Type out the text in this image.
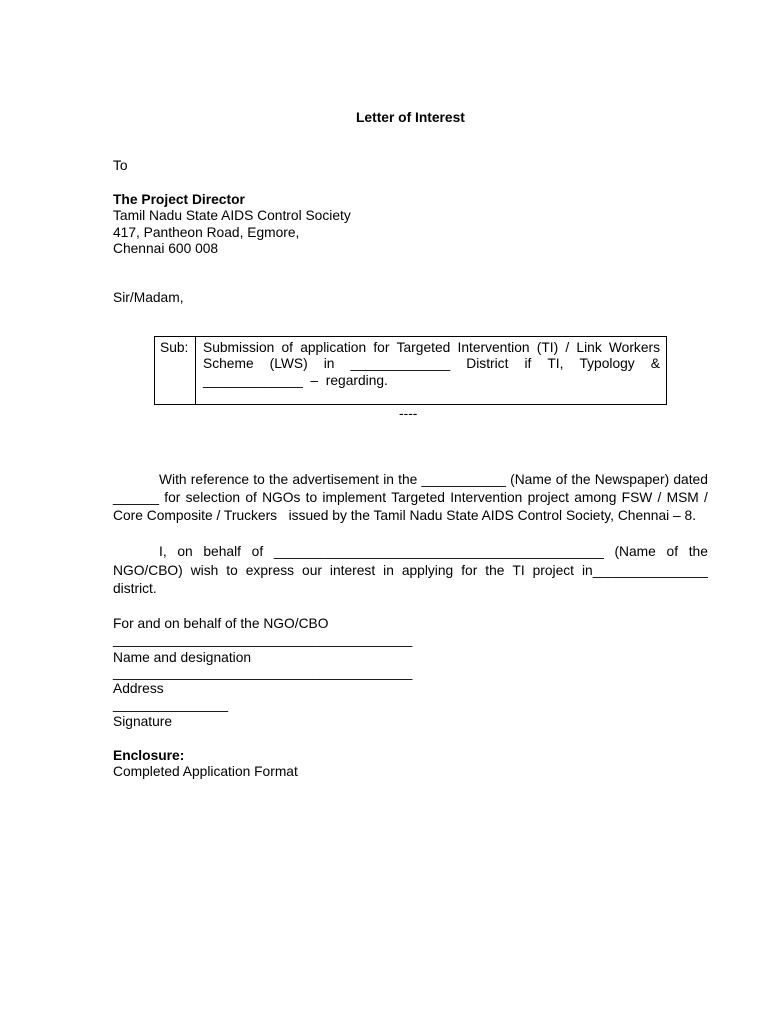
Letter of Interest
To
The Project Director
Tamil Nadu State AIDS Control Society
417, Pantheon Road, Egmore,
Chennai 600 008
Sir/Madam,
Sub: Submission of application for Targeted Intervention (TI) / Link Workers
Scheme (LWS) in _____________ District if TI, Typology &
_____________  –  regarding.
----
With reference to the advertisement in the ___________ (Name of the Newspaper) dated
______ for selection of NGOs to implement Targeted Intervention project among FSW / MSM /
Core Composite / Truckers   issued by the Tamil Nadu State AIDS Control Society, Chennai – 8.
I, on behalf of ___________________________________________ (Name of the
NGO/CBO) wish to express our interest in applying for the TI project in_______________
district.
For and on behalf of the NGO/CBO
_______________________________________
Name and designation
_______________________________________
Address
_______________
Signature
Enclosure:
Completed Application Format
